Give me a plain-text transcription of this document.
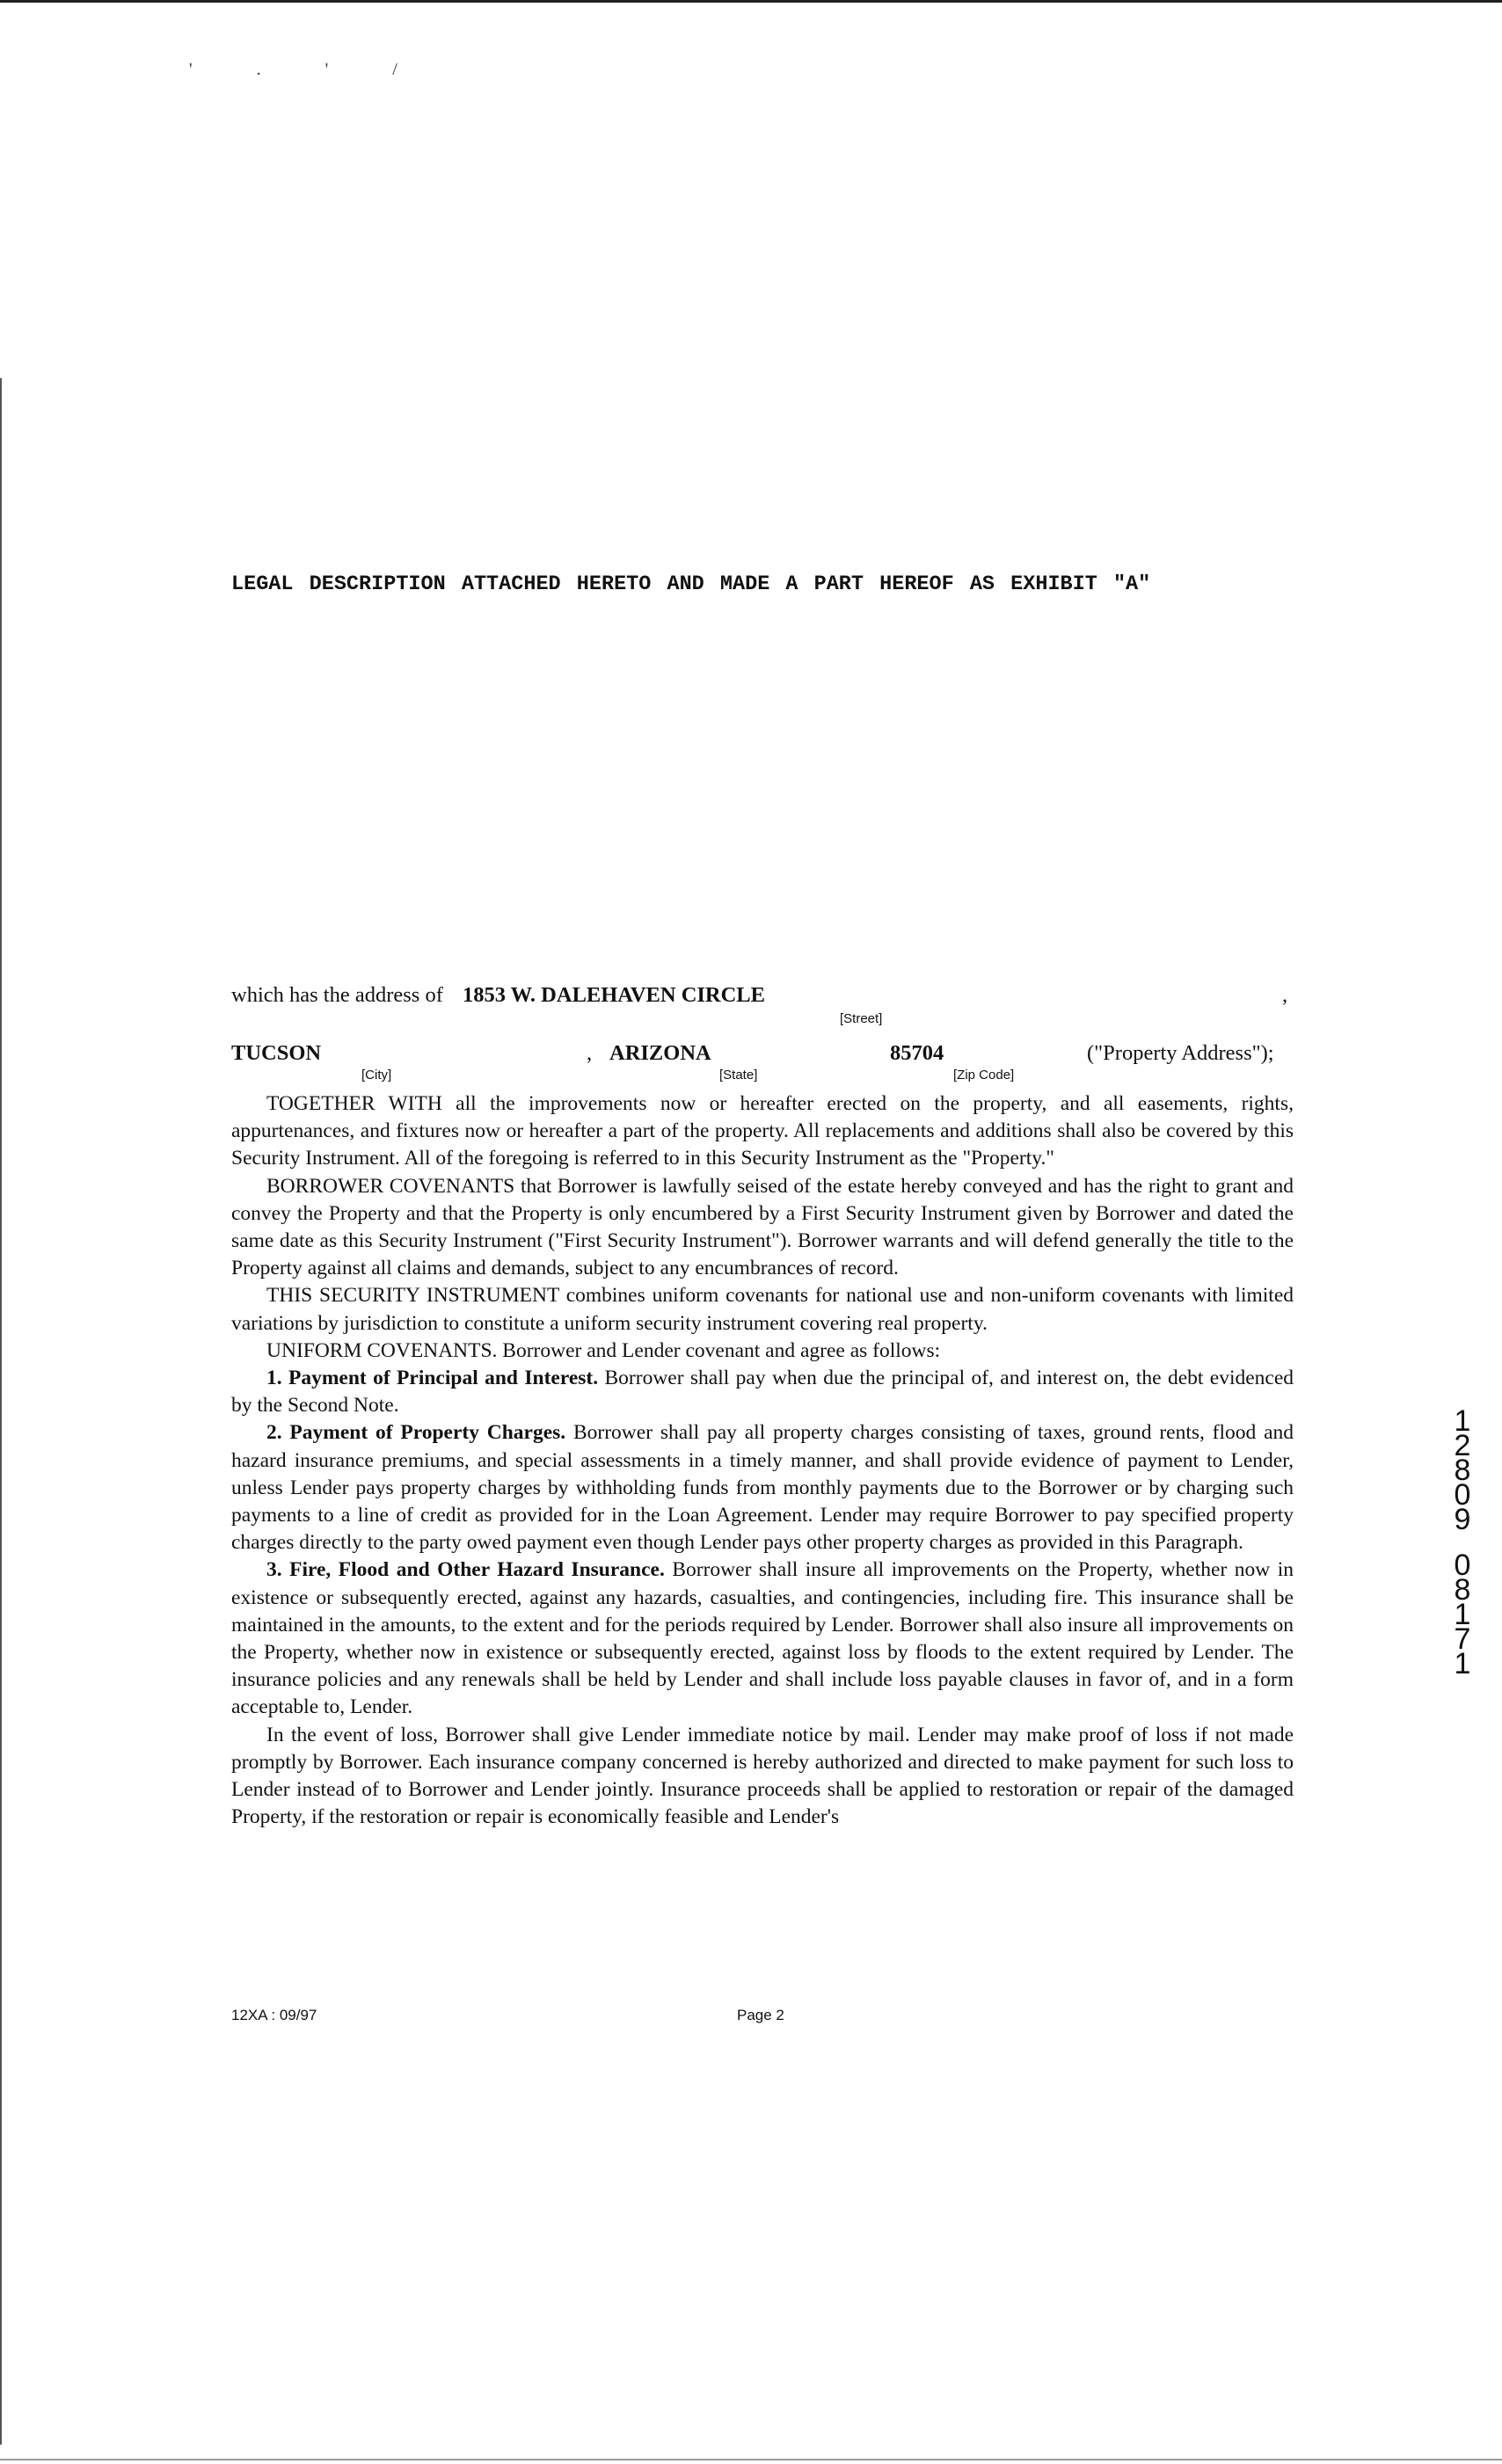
' . ' /
LEGAL DESCRIPTION ATTACHED HERETO AND MADE A PART HEREOF AS EXHIBIT "A"
which has the address of 1853 W. DALEHAVEN CIRCLE	,
[Street]
TUCSON	, ARIZONA	85704	("Property Address");
[City]	[State]	[Zip Code]

TOGETHER WITH all the improvements now or hereafter erected on the property, and all easements, rights, appurtenances, and fixtures now or hereafter a part of the property. All replacements and additions shall also be covered by this Security Instrument. All of the foregoing is referred to in this Security Instrument as the "Property."

BORROWER COVENANTS that Borrower is lawfully seised of the estate hereby conveyed and has the right to grant and convey the Property and that the Property is only encumbered by a First Security Instrument given by Borrower and dated the same date as this Security Instrument ("First Security Instrument"). Borrower warrants and will defend generally the title to the Property against all claims and demands, subject to any encumbrances of record.

THIS SECURITY INSTRUMENT combines uniform covenants for national use and non-uniform covenants with limited variations by jurisdiction to constitute a uniform security instrument covering real property.

UNIFORM COVENANTS. Borrower and Lender covenant and agree as follows:

1. Payment of Principal and Interest. Borrower shall pay when due the principal of, and interest on, the debt evidenced by the Second Note.

2. Payment of Property Charges. Borrower shall pay all property charges consisting of taxes, ground rents, flood and hazard insurance premiums, and special assessments in a timely manner, and shall provide evidence of payment to Lender, unless Lender pays property charges by withholding funds from monthly payments due to the Borrower or by charging such payments to a line of credit as provided for in the Loan Agreement. Lender may require Borrower to pay specified property charges directly to the party owed payment even though Lender pays other property charges as provided in this Paragraph.

3. Fire, Flood and Other Hazard Insurance. Borrower shall insure all improvements on the Property, whether now in existence or subsequently erected, against any hazards, casualties, and contingencies, including fire. This insurance shall be maintained in the amounts, to the extent and for the periods required by Lender. Borrower shall also insure all improvements on the Property, whether now in existence or subsequently erected, against loss by floods to the extent required by Lender. The insurance policies and any renewals shall be held by Lender and shall include loss payable clauses in favor of, and in a form acceptable to, Lender.

In the event of loss, Borrower shall give Lender immediate notice by mail. Lender may make proof of loss if not made promptly by Borrower. Each insurance company concerned is hereby authorized and directed to make payment for such loss to Lender instead of to Borrower and Lender jointly. Insurance proceeds shall be applied to restoration or repair of the damaged Property, if the restoration or repair is economically feasible and Lender's

12XA : 09/97	Page 2
1
2
8
0
9
0
8
1
7
1
